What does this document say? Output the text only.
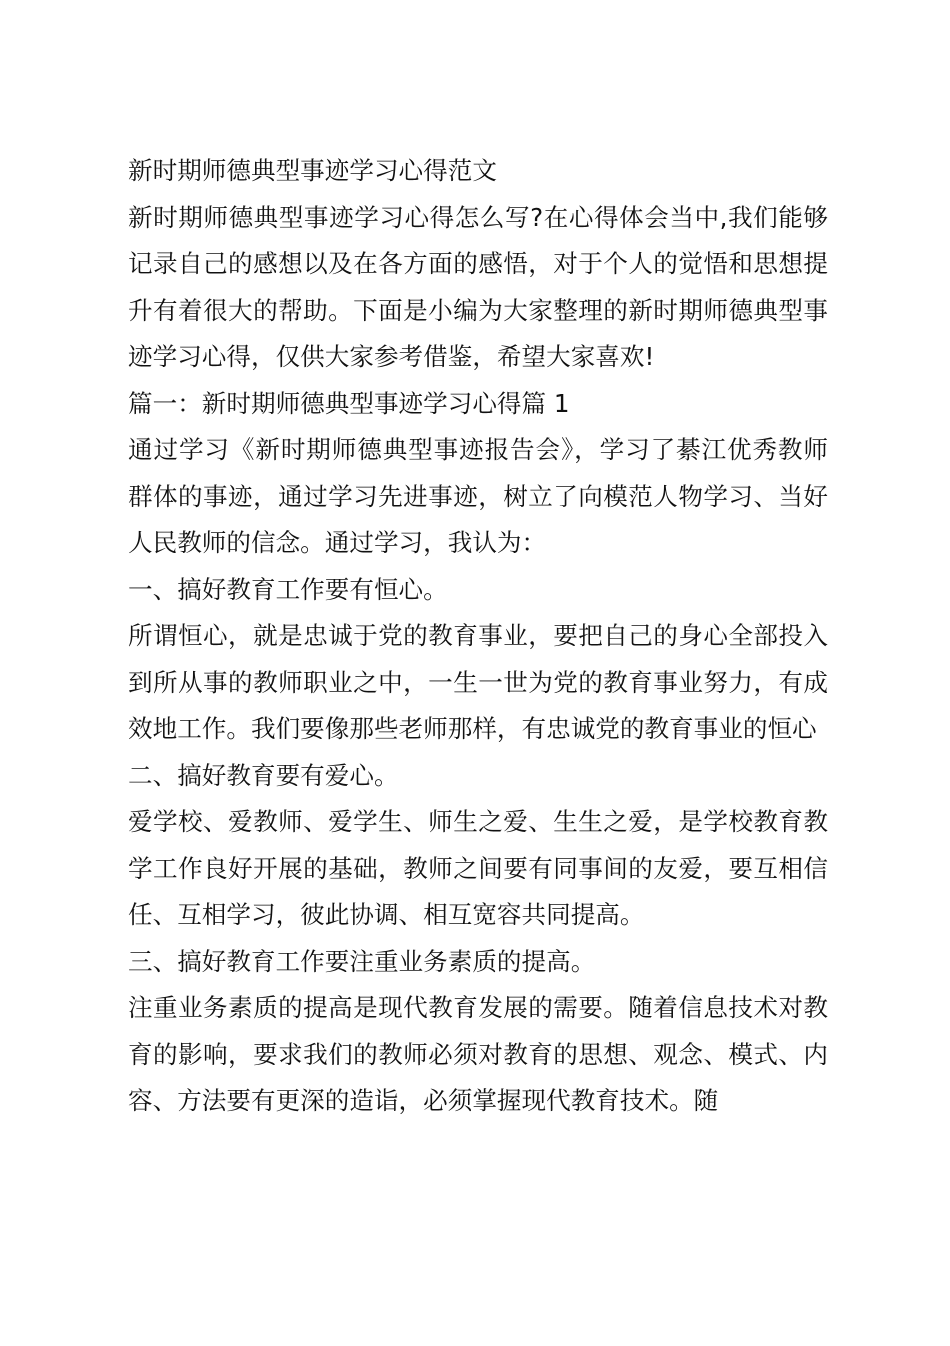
新时期师德典型事迹学习心得范文

新时期师德典型事迹学习心得怎么写?在心得体会当中,我们能够记录自己的感想以及在各方面的感悟，对于个人的觉悟和思想提升有着很大的帮助。下面是小编为大家整理的新时期师德典型事迹学习心得，仅供大家参考借鉴，希望大家喜欢!

篇一：新时期师德典型事迹学习心得篇 1

通过学习《新时期师德典型事迹报告会》，学习了綦江优秀教师群体的事迹，通过学习先进事迹，树立了向模范人物学习、当好人民教师的信念。通过学习，我认为：

一、搞好教育工作要有恒心。

所谓恒心，就是忠诚于党的教育事业，要把自己的身心全部投入到所从事的教师职业之中，一生一世为党的教育事业努力，有成效地工作。我们要像那些老师那样，有忠诚党的教育事业的恒心

二、搞好教育要有爱心。

爱学校、爱教师、爱学生、师生之爱、生生之爱，是学校教育教学工作良好开展的基础，教师之间要有同事间的友爱，要互相信任、互相学习，彼此协调、相互宽容共同提高。

三、搞好教育工作要注重业务素质的提高。

注重业务素质的提高是现代教育发展的需要。随着信息技术对教育的影响，要求我们的教师必须对教育的思想、观念、模式、内容、方法要有更深的造诣，必须掌握现代教育技术。随
